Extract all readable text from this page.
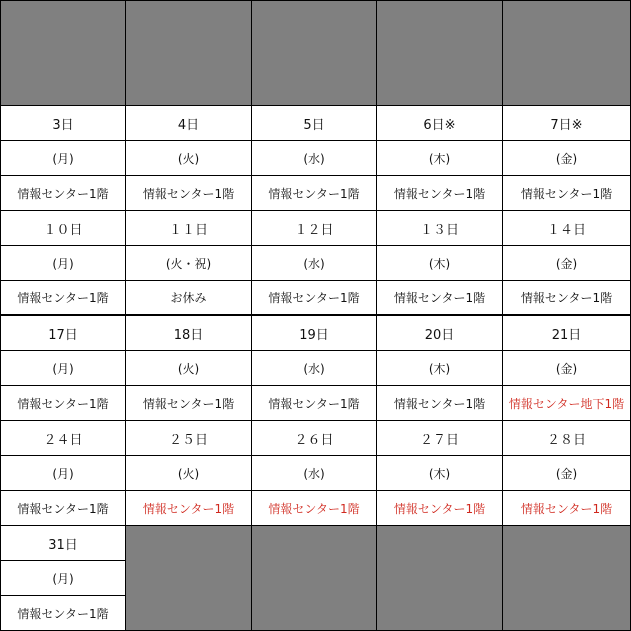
3日	4日	5日	6日※	7日※
(月)	(火)	(水)	(木)	(金)
情報センター1階	情報センター1階	情報センター1階	情報センター1階	情報センター1階
１０日	１１日	１２日	１３日	１４日
(月)	(火・祝)	(水)	(木)	(金)
情報センター1階	お休み	情報センター1階	情報センター1階	情報センター1階
17日	18日	19日	20日	21日
(月)	(火)	(水)	(木)	(金)
情報センター1階	情報センター1階	情報センター1階	情報センター1階	情報センター地下1階
２４日	２５日	２６日	２７日	２８日
(月)	(火)	(水)	(木)	(金)
情報センター1階	情報センター1階	情報センター1階	情報センター1階	情報センター1階
31日
(月)
情報センター1階
